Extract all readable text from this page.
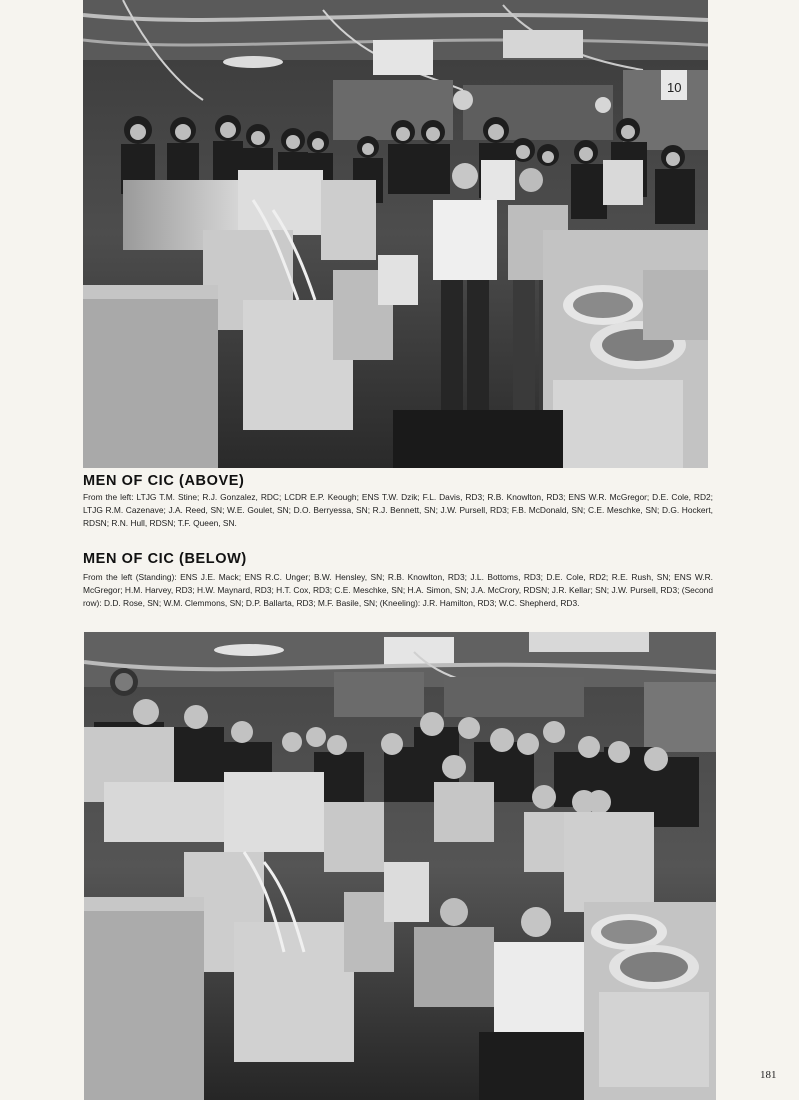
10
MEN OF CIC (ABOVE)

From the left: LTJG T.M. Stine; R.J. Gonzalez, RDC; LCDR E.P. Keough; ENS T.W. Dzik; F.L. Davis, RD3; R.B. Knowlton, RD3; ENS W.R. McGregor; D.E. Cole, RD2; LTJG R.M. Cazenave; J.A. Reed, SN; W.E. Goulet, SN; D.O. Berryessa, SN; R.J. Bennett, SN; J.W. Pursell, RD3; F.B. McDonald, SN; C.E. Meschke, SN; D.G. Hockert, RDSN; R.N. Hull, RDSN; T.F. Queen, SN.

MEN OF CIC (BELOW)

From the left (Standing): ENS J.E. Mack; ENS R.C. Unger; B.W. Hensley, SN; R.B. Knowlton, RD3; J.L. Bottoms, RD3; D.E. Cole, RD2; R.E. Rush, SN; ENS W.R. McGregor; H.M. Harvey, RD3; H.W. Maynard, RD3; H.T. Cox, RD3; C.E. Meschke, SN; H.A. Simon, SN; J.A. McCrory, RDSN; J.R. Kellar; SN; J.W. Pursell, RD3; (Second row): D.D. Rose, SN; W.M. Clemmons, SN; D.P. Ballarta, RD3; M.F. Basile, SN; (Kneeling): J.R. Hamilton, RD3; W.C. Shepherd, RD3.

181
